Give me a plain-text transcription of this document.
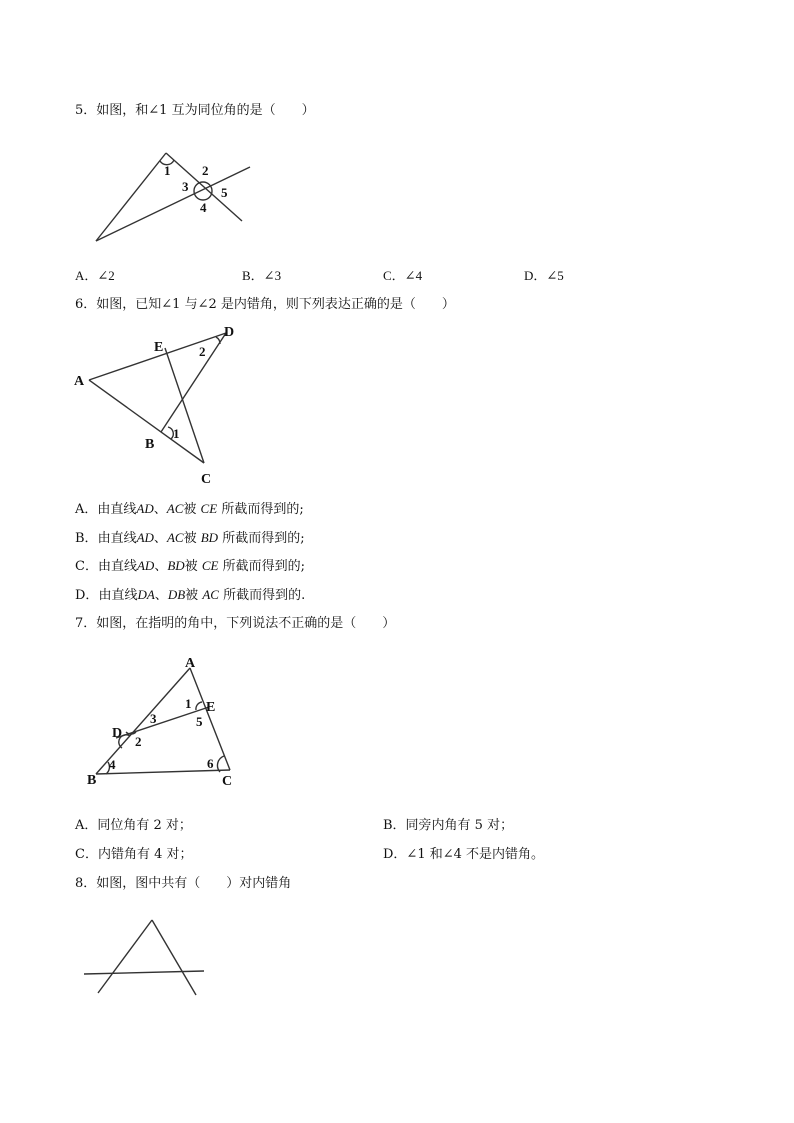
5．如图，和∠1 互为同位角的是（　　）
1 2
3
4
5
A．∠2	B．∠3	C．∠4	D．∠5
6．如图，已知∠1 与∠2 是内错角，则下列表达正确的是（　　）
A
E
D
2
B
1
C
A．由直线AD、AC被 CE 所截而得到的;
B．由直线AD、AC被 BD 所截而得到的;
C．由直线AD、BD被 CE 所截而得到的;
D．由直线DA、DB被 AC 所截而得到的.
7．如图，在指明的角中，下列说法不正确的是（　　）
A
1 E
5
3
D
2
4	6
B	C
A．同位角有 2 对；	B．同旁内角有 5 对；
C．内错角有 4 对；	D．∠1 和∠4 不是内错角。
8．如图，图中共有（　　）对内错角
